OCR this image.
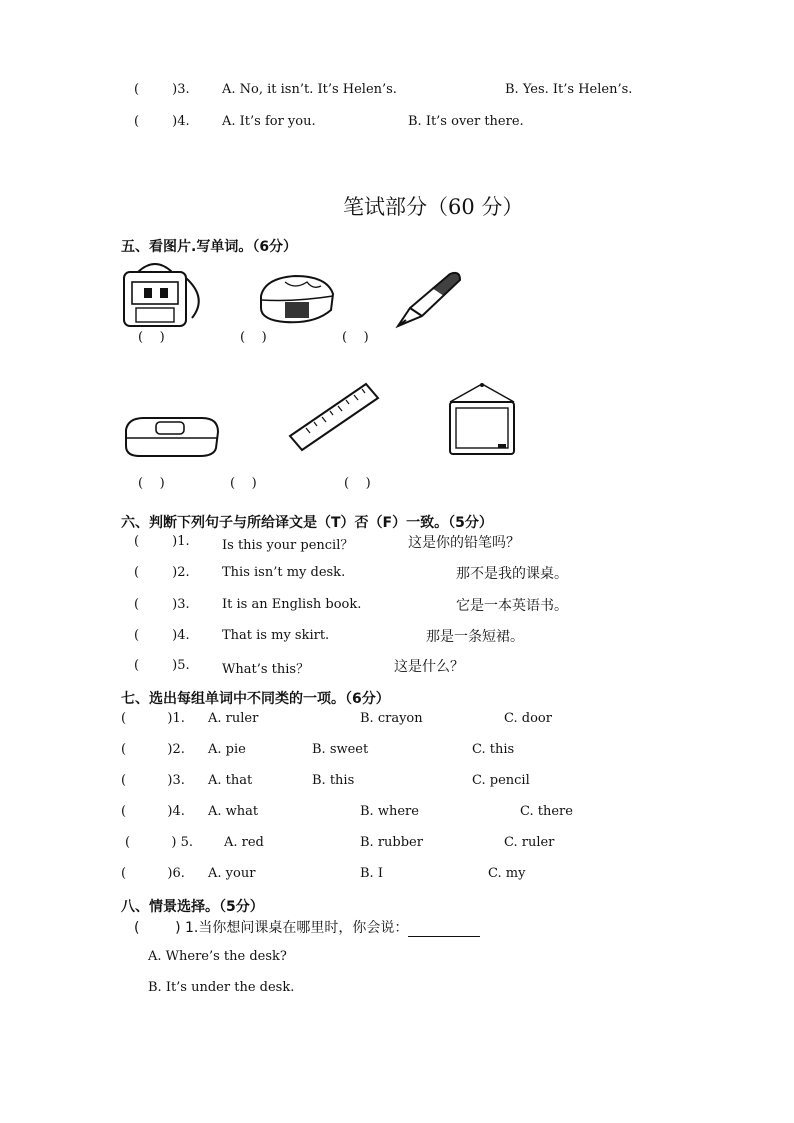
(        )3. A. No, it isn’t. It’s Helen’s.	B. Yes. It’s Helen’s.
(        )4. A. It’s for you.	B. It’s over there.
笔试部分（60 分）
五、看图片.写单词。（6分）
(    )	(    )	(    )
(    )	(    )	(    )
六、判断下列句子与所给译文是（T）否（F）一致。（5分）
(        )1. Is this your pencil？	这是你的铅笔吗？
(        )2. This isn’t my desk.	那不是我的课桌。
(        )3. It is an English book.	它是一本英语书。
(        )4. That is my skirt.	那是一条短裙。
(        )5. What’s this？	这是什么？
七、选出每组单词中不同类的一项。（6分）
(          )1. A. ruler	B. crayon	C. door
(          )2. A. pie	B. sweet	C. this
(          )3. A. that	B. this	C. pencil
(          )4. A. what	B. where	C. there
(          ) 5. A. red	B. rubber	C. ruler
(          )6. A. your	B. I	C. my
八、情景选择。（5分）
(        ) 1.当你想问课桌在哪里时，你会说：
A. Where’s the desk?
B. It’s under the desk.
